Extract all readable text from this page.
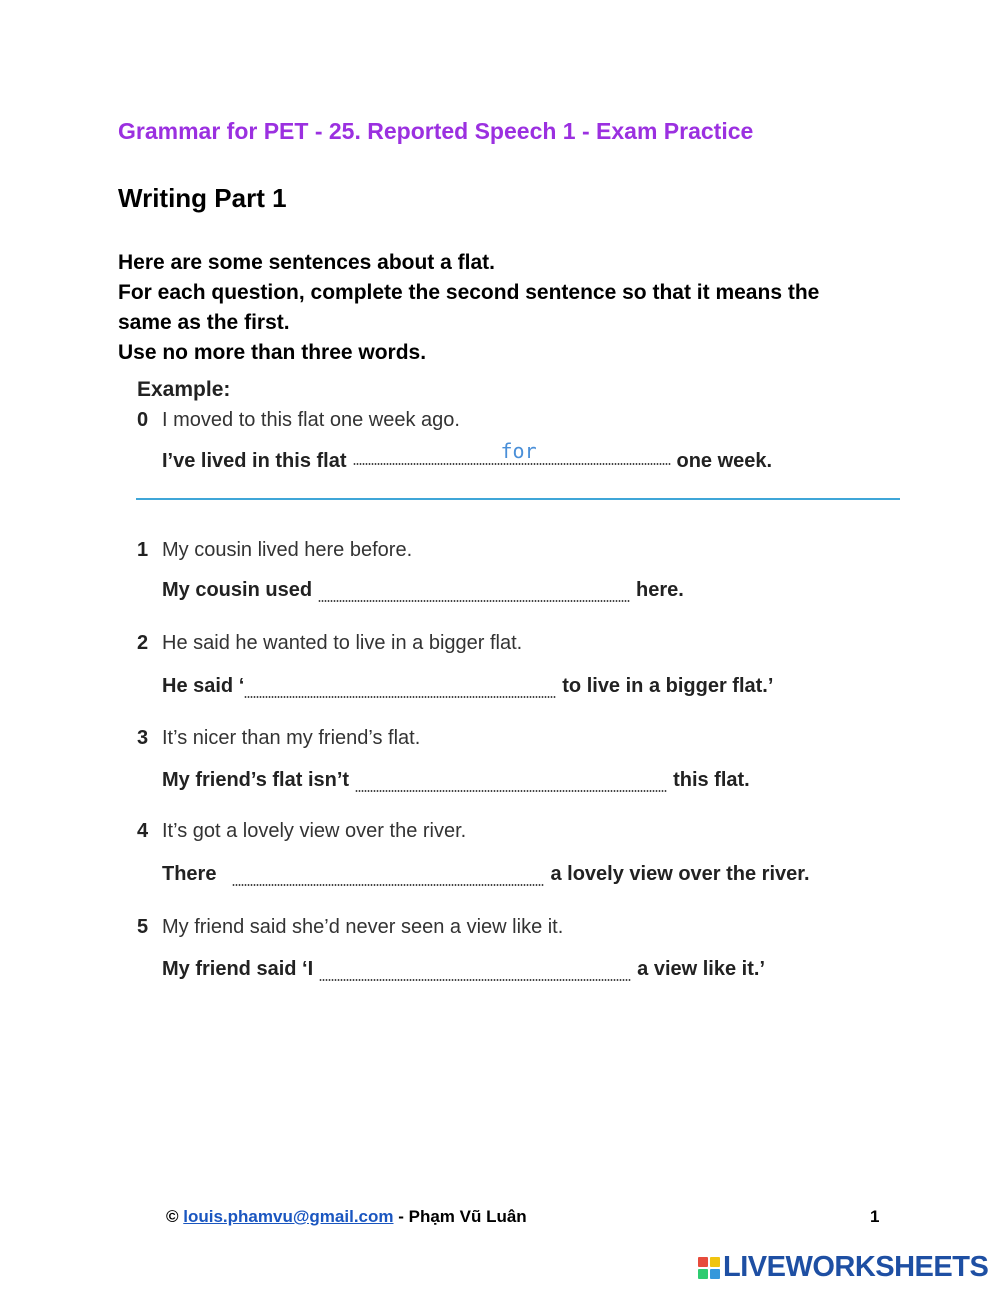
Grammar for PET - 25. Reported Speech 1 - Exam Practice
Writing Part 1
Here are some sentences about a flat.
For each question, complete the second sentence so that it means the
same as the first.
Use no more than three words.
Example:
0 I moved to this flat one week ago.
I’ve lived in this flat	for	one week.
1 My cousin lived here before.
My cousin used	here.
2 He said he wanted to live in a bigger flat.
He said ‘	to live in a bigger flat.’
3 It’s nicer than my friend’s flat.
My friend’s flat isn’t	this flat.
4 It’s got a lovely view over the river.
There	a lovely view over the river.
5 My friend said she’d never seen a view like it.
My friend said ‘I	a view like it.’
© louis.phamvu@gmail.com - Phạm Vũ Luân	1
LIVEWORKSHEETS
